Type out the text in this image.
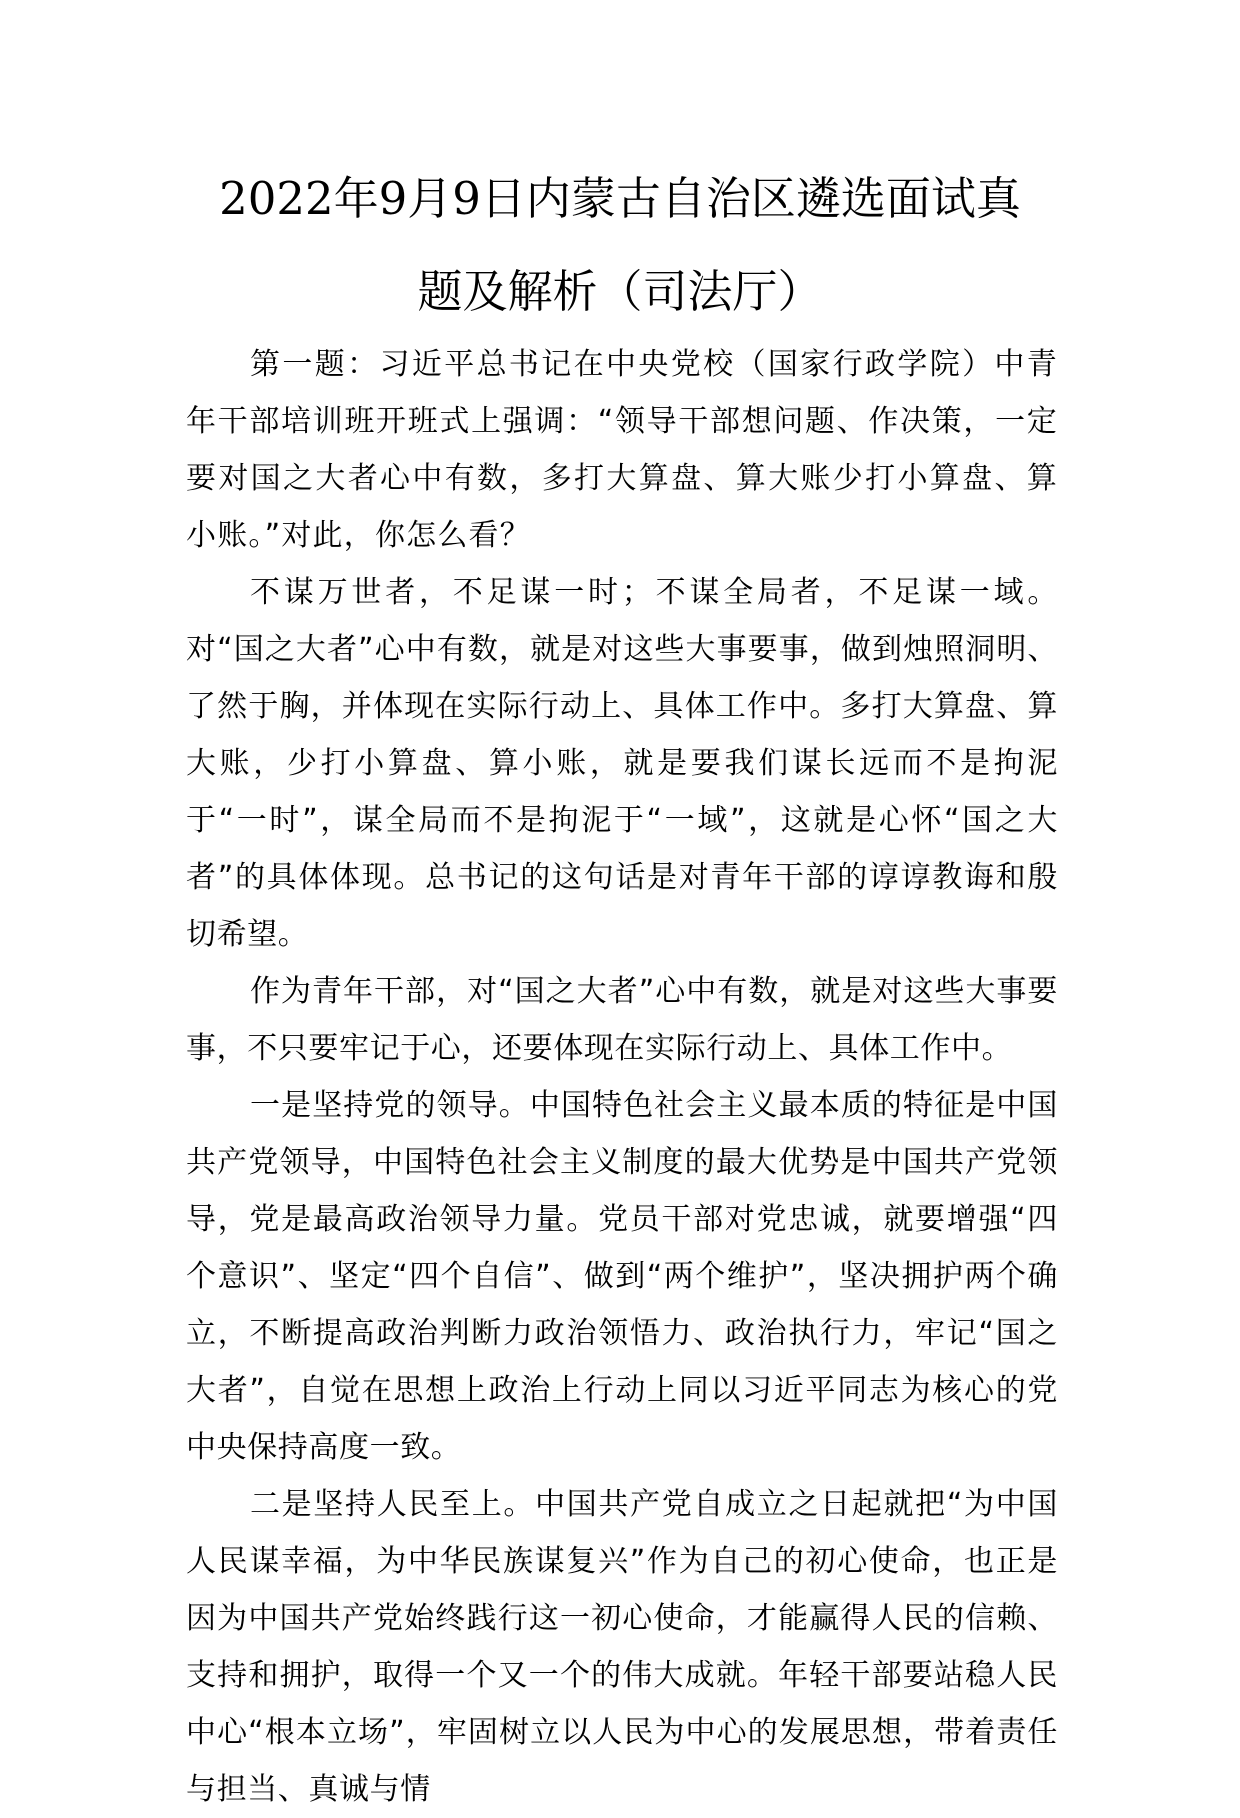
2022年9月9日内蒙古自治区遴选面试真
题及解析（司法厅）

第一题：习近平总书记在中央党校（国家行政学院）中青年干部培训班开班式上强调：“领导干部想问题、作决策，一定要对国之大者心中有数，多打大算盘、算大账少打小算盘、算小账。”对此，你怎么看？

不谋万世者，不足谋一时；不谋全局者，不足谋一域。对“国之大者”心中有数，就是对这些大事要事，做到烛照洞明、了然于胸，并体现在实际行动上、具体工作中。多打大算盘、算大账，少打小算盘、算小账，就是要我们谋长远而不是拘泥于“一时”，谋全局而不是拘泥于“一域”，这就是心怀“国之大者”的具体体现。总书记的这句话是对青年干部的谆谆教诲和殷切希望。

作为青年干部，对“国之大者”心中有数，就是对这些大事要事，不只要牢记于心，还要体现在实际行动上、具体工作中。

一是坚持党的领导。中国特色社会主义最本质的特征是中国共产党领导，中国特色社会主义制度的最大优势是中国共产党领导，党是最高政治领导力量。党员干部对党忠诚，就要增强“四个意识”、坚定“四个自信”、做到“两个维护”，坚决拥护两个确立，不断提高政治判断力政治领悟力、政治执行力，牢记“国之大者”，自觉在思想上政治上行动上同以习近平同志为核心的党中央保持高度一致。

二是坚持人民至上。中国共产党自成立之日起就把“为中国人民谋幸福，为中华民族谋复兴”作为自己的初心使命，也正是因为中国共产党始终践行这一初心使命，才能赢得人民的信赖、支持和拥护，取得一个又一个的伟大成就。年轻干部要站稳人民中心“根本立场”，牢固树立以人民为中心的发展思想，带着责任与担当、真诚与情
